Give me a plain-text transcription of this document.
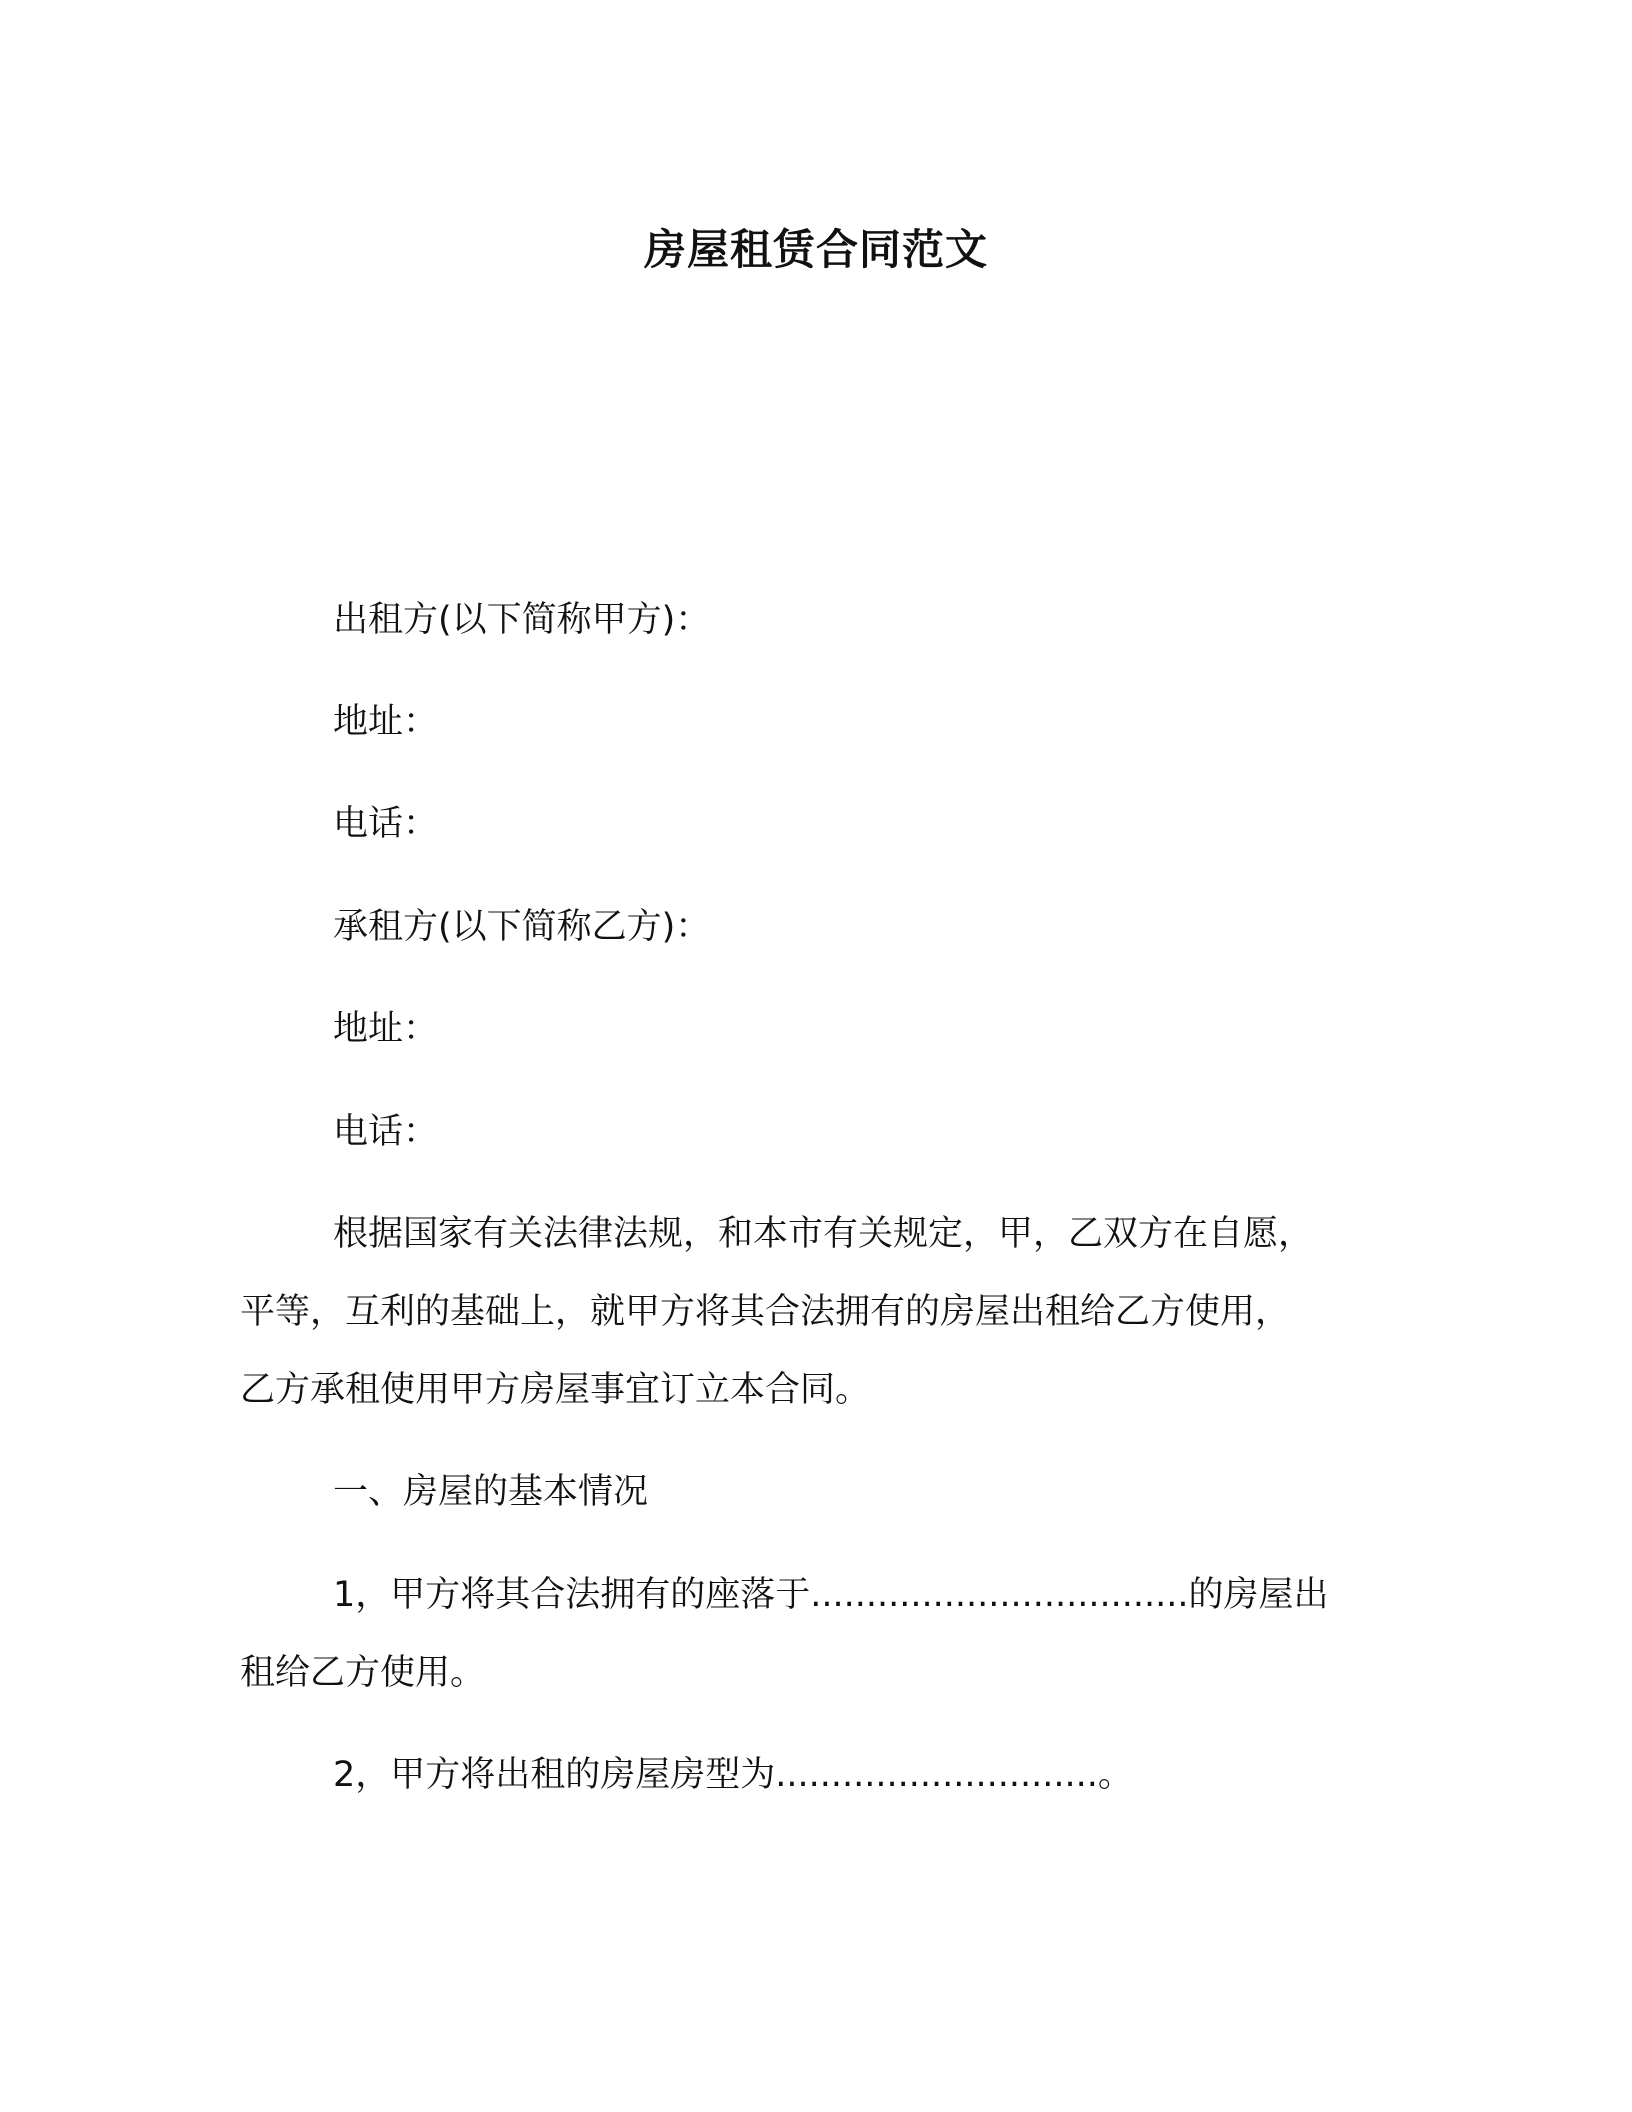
房屋租赁合同范文
出租方(以下简称甲方)：
地址：
电话：
承租方(以下简称乙方)：
地址：
电话：
根据国家有关法律法规，和本市有关规定，甲，乙双方在自愿，
平等，互利的基础上，就甲方将其合法拥有的房屋出租给乙方使用，
乙方承租使用甲方房屋事宜订立本合同。
一、房屋的基本情况
1，甲方将其合法拥有的座落于..................................的房屋出
租给乙方使用。
2，甲方将出租的房屋房型为.............................。
